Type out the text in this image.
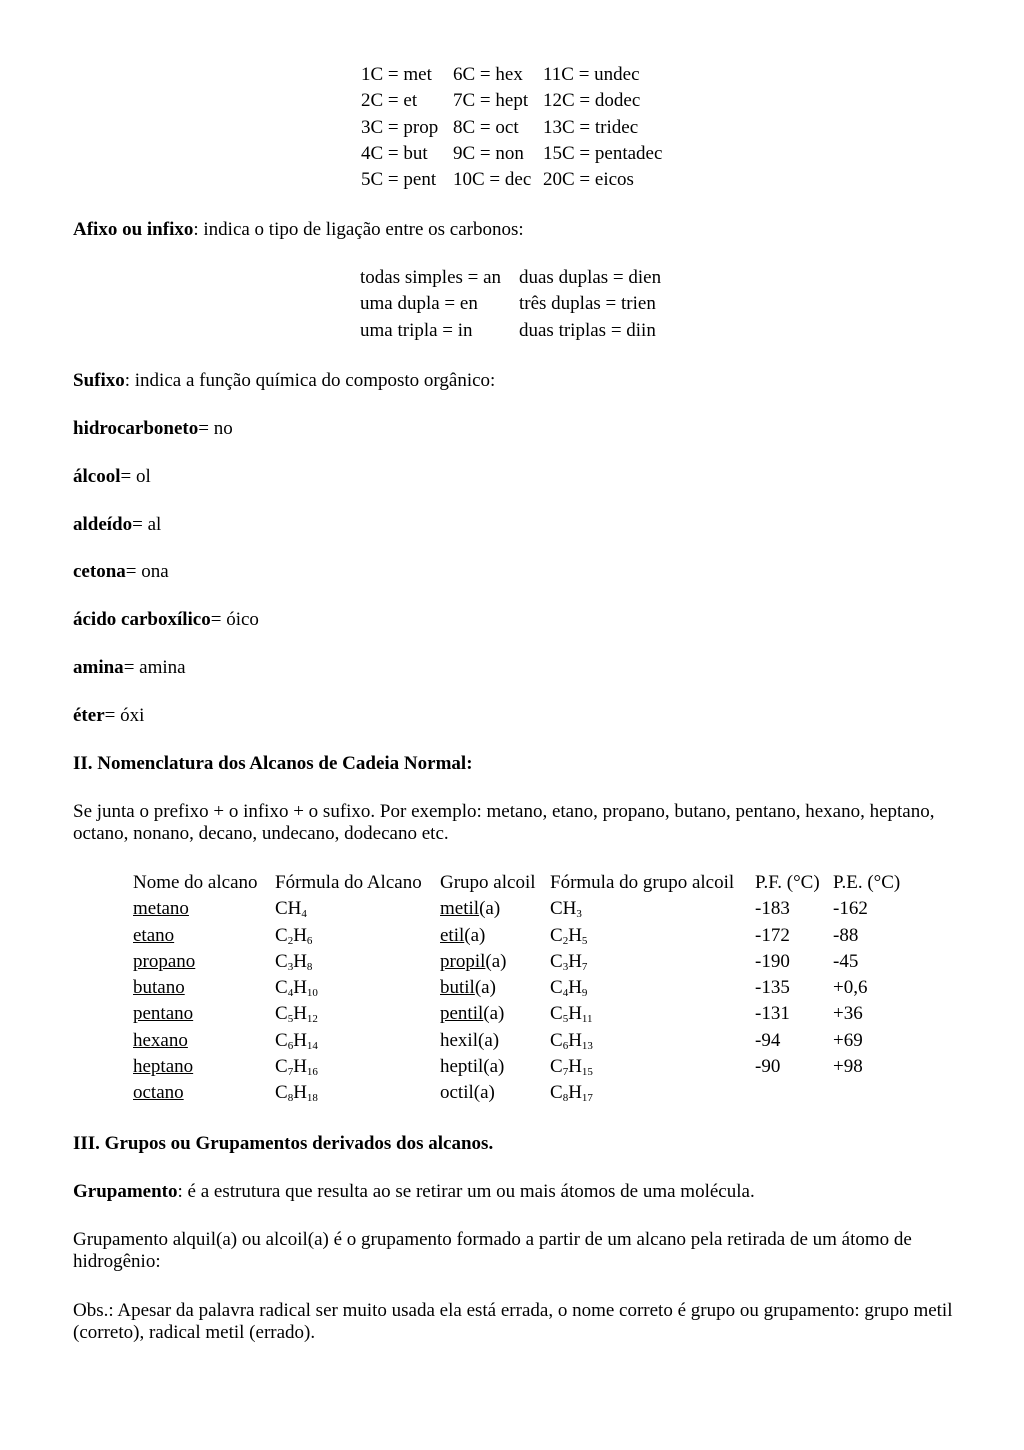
1C = met	6C = hex	11C = undec
2C = et	7C = hept	12C = dodec
3C = prop	8C = oct	13C = tridec
4C = but	9C = non	15C = pentadec
5C = pent	10C = dec	20C = eicos
Afixo ou infixo: indica o tipo de ligação entre os carbonos:
todas simples = an	duas duplas = dien
uma dupla = en	três duplas = trien
uma tripla = in	duas triplas = diin
Sufixo: indica a função química do composto orgânico:
hidrocarboneto= no
álcool= ol
aldeído= al
cetona= ona
ácido carboxílico= óico
amina= amina
éter= óxi
II. Nomenclatura dos Alcanos de Cadeia Normal:
Se junta o prefixo + o infixo + o sufixo. Por exemplo: metano, etano, propano, butano, pentano, hexano, heptano, octano, nonano, decano, undecano, dodecano etc.
Nome do alcano	Fórmula do Alcano	Grupo alcoil	Fórmula do grupo alcoil	P.F. (°C)	P.E. (°C)
metano	$CH_4$	metil(a)	$CH_3$	-183	-162
etano	$C_2H_6$	etil(a)	$C_2H_5$	-172	-88
propano	$C_3H_8$	propil(a)	$C_3H_7$	-190	-45
butano	$C_4H_{10}$	butil(a)	$C_4H_9$	-135	+0,6
pentano	$C_5H_{12}$	pentil(a)	$C_5H_{11}$	-131	+36
hexano	$C_6H_{14}$	hexil(a)	$C_6H_{13}$	-94	+69
heptano	$C_7H_{16}$	heptil(a)	$C_7H_{15}$	-90	+98
octano	$C_8H_{18}$	octil(a)	$C_8H_{17}$		
III. Grupos ou Grupamentos derivados dos alcanos.
Grupamento: é a estrutura que resulta ao se retirar um ou mais átomos de uma molécula.
Grupamento alquil(a) ou alcoil(a) é o grupamento formado a partir de um alcano pela retirada de um átomo de hidrogênio:
Obs.: Apesar da palavra radical ser muito usada ela está errada, o nome correto é grupo ou grupamento: grupo metil (correto), radical metil (errado).
